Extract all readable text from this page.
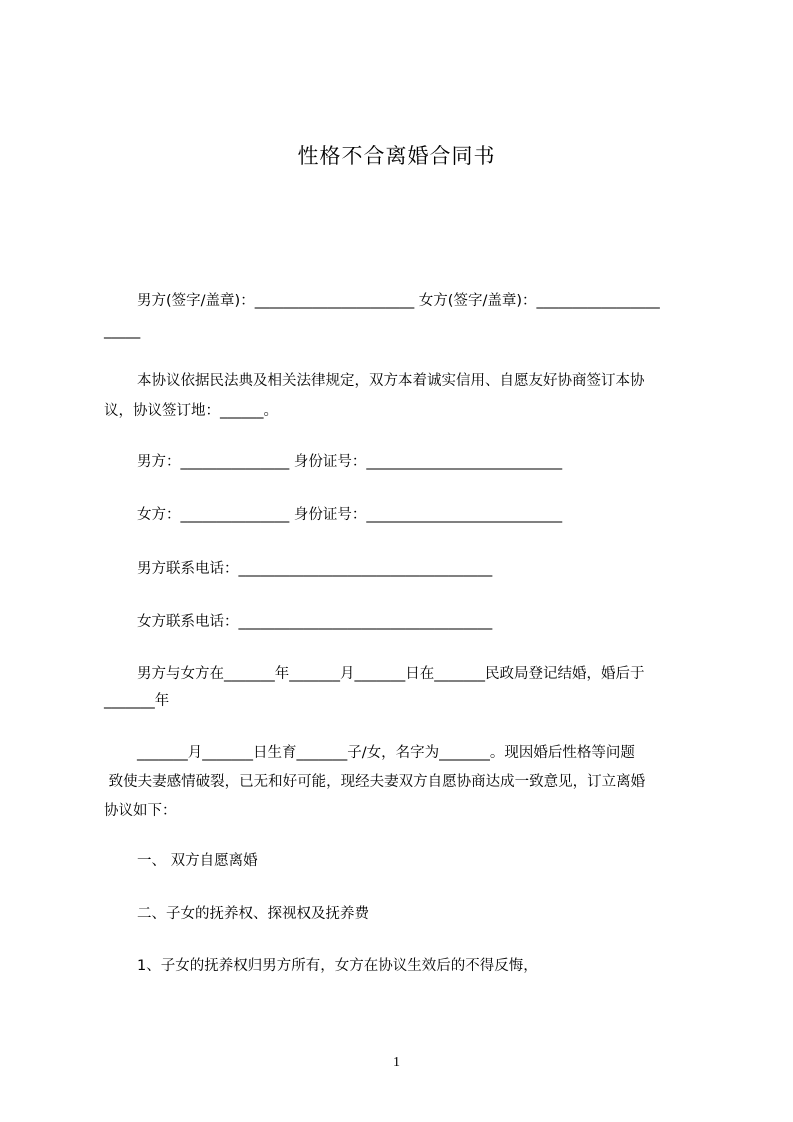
性格不合离婚合同书
男方(签字/盖章)：______________________ 女方(签字/盖章)：_________________
_____
本协议依据民法典及相关法律规定，双方本着诚实信用、自愿友好协商签订本协
议，协议签订地：______。
男方：_______________ 身份证号：___________________________
女方：_______________ 身份证号：___________________________
男方联系电话：___________________________________
女方联系电话：___________________________________
男方与女方在_______年_______月_______日在_______民政局登记结婚，婚后于
_______年
_______月_______日生育_______子/女，名字为_______。现因婚后性格等问题
致使夫妻感情破裂，已无和好可能，现经夫妻双方自愿协商达成一致意见，订立离婚
协议如下：
一、 双方自愿离婚
二、子女的抚养权、探视权及抚养费
1、子女的抚养权归男方所有，女方在协议生效后的不得反悔，
1
